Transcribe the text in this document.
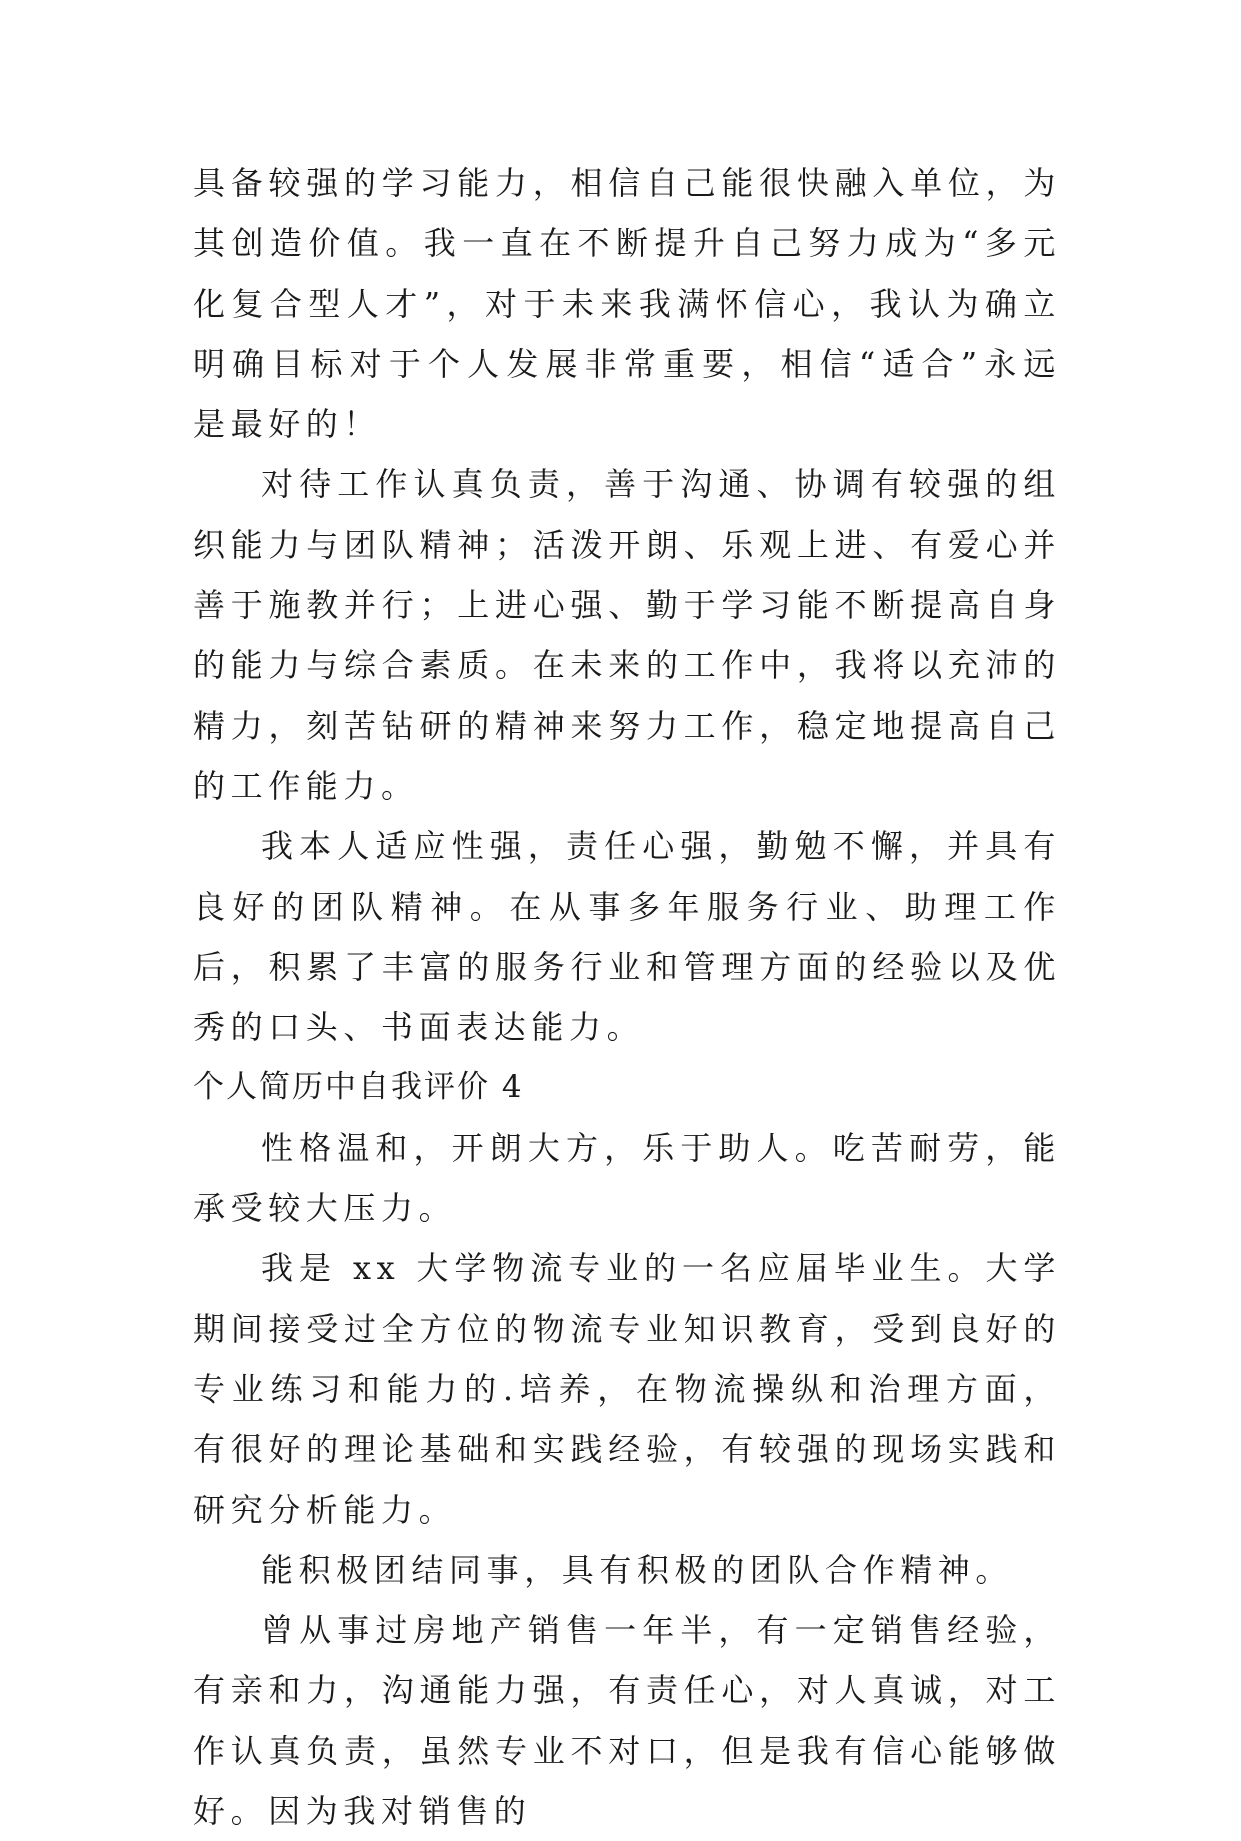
具备较强的学习能力，相信自己能很快融入单位，为其创造价值。我一直在不断提升自己努力成为“多元化复合型人才”，对于未来我满怀信心，我认为确立明确目标对于个人发展非常重要，相信“适合”永远是最好的！

对待工作认真负责，善于沟通、协调有较强的组织能力与团队精神；活泼开朗、乐观上进、有爱心并善于施教并行；上进心强、勤于学习能不断提高自身的能力与综合素质。在未来的工作中，我将以充沛的精力，刻苦钻研的精神来努力工作，稳定地提高自己的工作能力。

我本人适应性强，责任心强，勤勉不懈，并具有良好的团队精神。在从事多年服务行业、助理工作后，积累了丰富的服务行业和管理方面的经验以及优秀的口头、书面表达能力。

个人简历中自我评价 4

性格温和，开朗大方，乐于助人。吃苦耐劳，能承受较大压力。

我是 xx 大学物流专业的一名应届毕业生。大学期间接受过全方位的物流专业知识教育，受到良好的专业练习和能力的.培养，在物流操纵和治理方面，有很好的理论基础和实践经验，有较强的现场实践和研究分析能力。

能积极团结同事，具有积极的团队合作精神。

曾从事过房地产销售一年半，有一定销售经验，有亲和力，沟通能力强，有责任心，对人真诚，对工作认真负责，虽然专业不对口，但是我有信心能够做好。因为我对销售的
